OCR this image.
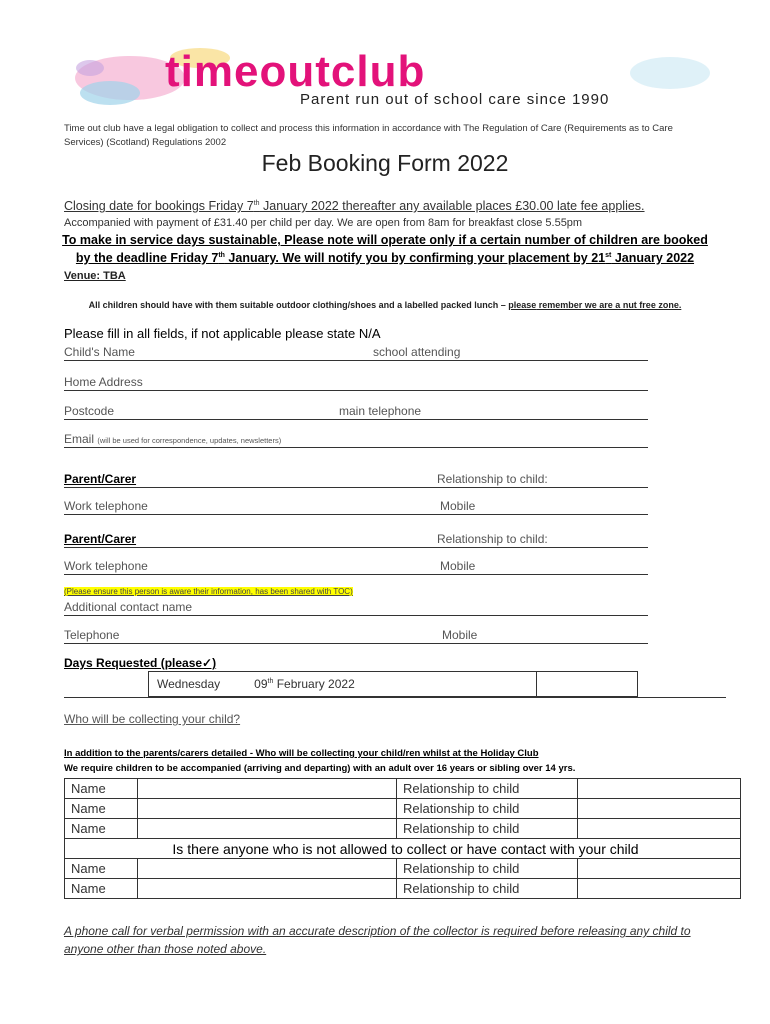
timeoutclub
Parent run out of school care since 1990
Time out club have a legal obligation to collect and process this information in accordance with The Regulation of Care (Requirements as to Care Services) (Scotland) Regulations 2002
Feb Booking Form 2022
Closing date for bookings Friday 7th January 2022 thereafter any available places £30.00 late fee applies.
Accompanied with payment of £31.40 per child per day. We are open from 8am for breakfast close 5.55pm
To make in service days sustainable, Please note will operate only if a certain number of children are booked
by the deadline Friday 7th January. We will notify you by confirming your placement by 21st January 2022
Venue: TBA
All children should have with them suitable outdoor clothing/shoes and a labelled packed lunch – please remember we are a nut free zone.
Please fill in all fields, if not applicable please state N/A
Child's Name	school attending
Home Address
Postcode	main telephone
Email (will be used for correspondence, updates, newsletters)
Parent/Carer	Relationship to child:
Work telephone	Mobile
Parent/Carer	Relationship to child:
Work telephone	Mobile
(Please ensure this person is aware their information, has been shared with TOC)
Additional contact name
Telephone	Mobile
Days Requested (please✓)
Wednesday	09th February 2022	
Who will be collecting your child?
In addition to the parents/carers detailed - Who will be collecting your child/ren whilst at the Holiday Club
We require children to be accompanied (arriving and departing) with an adult over 16 years or sibling over 14 yrs.
Name		Relationship to child	
Name		Relationship to child	
Name		Relationship to child	
Is there anyone who is not allowed to collect or have contact with your child			
Name		Relationship to child	
Name		Relationship to child	
A phone call for verbal permission with an accurate description of the collector is required before releasing any child to anyone other than those noted above.
